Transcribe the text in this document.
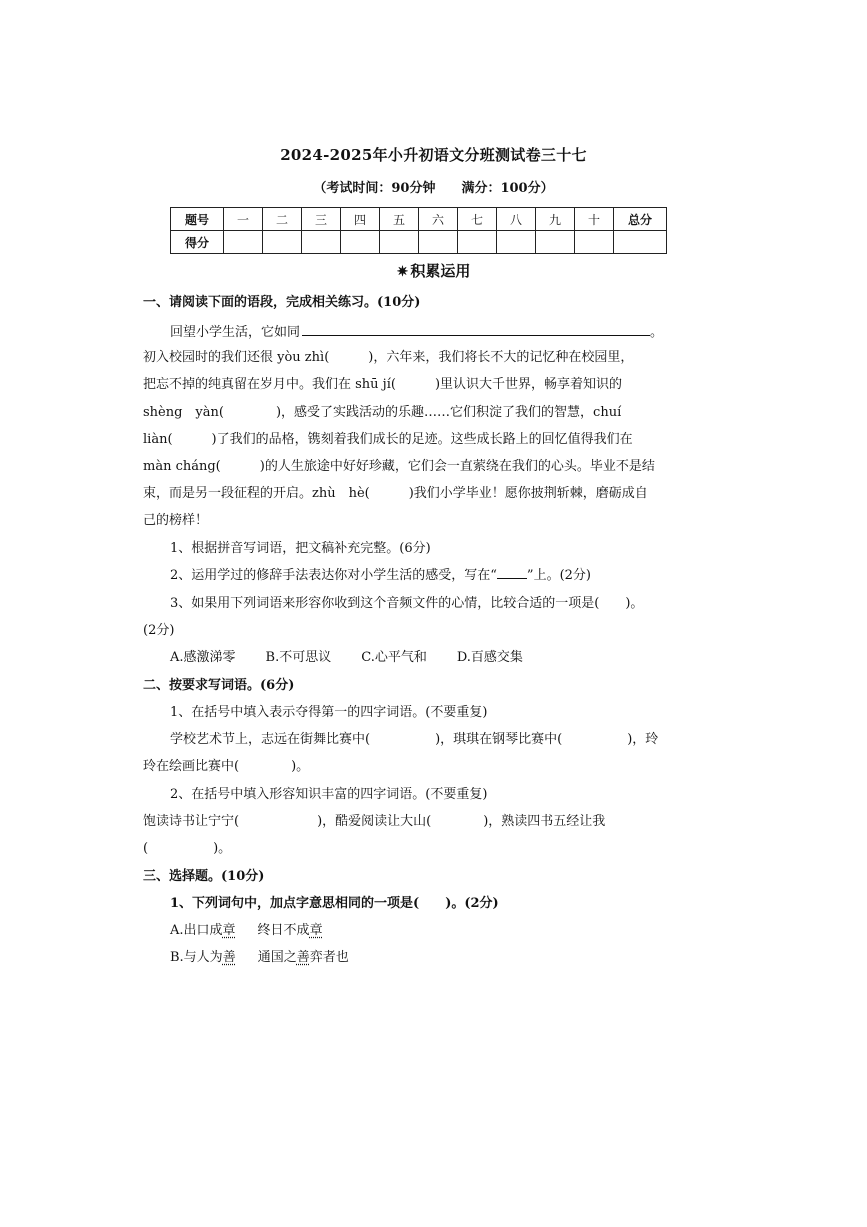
2024-2025年小升初语文分班测试卷三十七
（考试时间：90分钟 满分：100分）
题号	一	二	三	四	五	六	七	八	九	十	总分
得分											
✷ 积累运用
一、请阅读下面的语段，完成相关练习。(10分)
回望小学生活，它如同	。
初入校园时的我们还很 yòu zhì(　　　)，六年来，我们将长不大的记忆种在校园里，
把忘不掉的纯真留在岁月中。我们在 shū jí(　　　)里认识大千世界，畅享着知识的
shèng　yàn(　　　　)，感受了实践活动的乐趣……它们积淀了我们的智慧，chuí
liàn(　　　)了我们的品格，镌刻着我们成长的足迹。这些成长路上的回忆值得我们在
màn cháng(　　　)的人生旅途中好好珍藏，它们会一直萦绕在我们的心头。毕业不是结
束，而是另一段征程的开启。zhù　hè(　　　)我们小学毕业！愿你披荆斩棘，磨砺成自
己的榜样！
1、根据拼音写词语，把文稿补充完整。(6分)
2、运用学过的修辞手法表达你对小学生活的感受，写在“ ”上。(2分)
3、如果用下列词语来形容你收到这个音频文件的心情，比较合适的一项是(　　)。
(2分)
A.感激涕零 B.不可思议 C.心平气和 D.百感交集
二、按要求写词语。(6分)
1、在括号中填入表示夺得第一的四字词语。(不要重复)
学校艺术节上，志远在街舞比赛中(　　　　　)，琪琪在钢琴比赛中(　　　　　)，玲
玲在绘画比赛中(　　　　)。
2、在括号中填入形容知识丰富的四字词语。(不要重复)
饱读诗书让宁宁(　　　　　　)，酷爱阅读让大山(　　　　)，熟读四书五经让我
(　　　　　)。
三、选择题。(10分)
1、下列词句中，加点字意思相同的一项是(　　)。(2分)
A.出口成章 终日不成章
B.与人为善 通国之善弈者也
